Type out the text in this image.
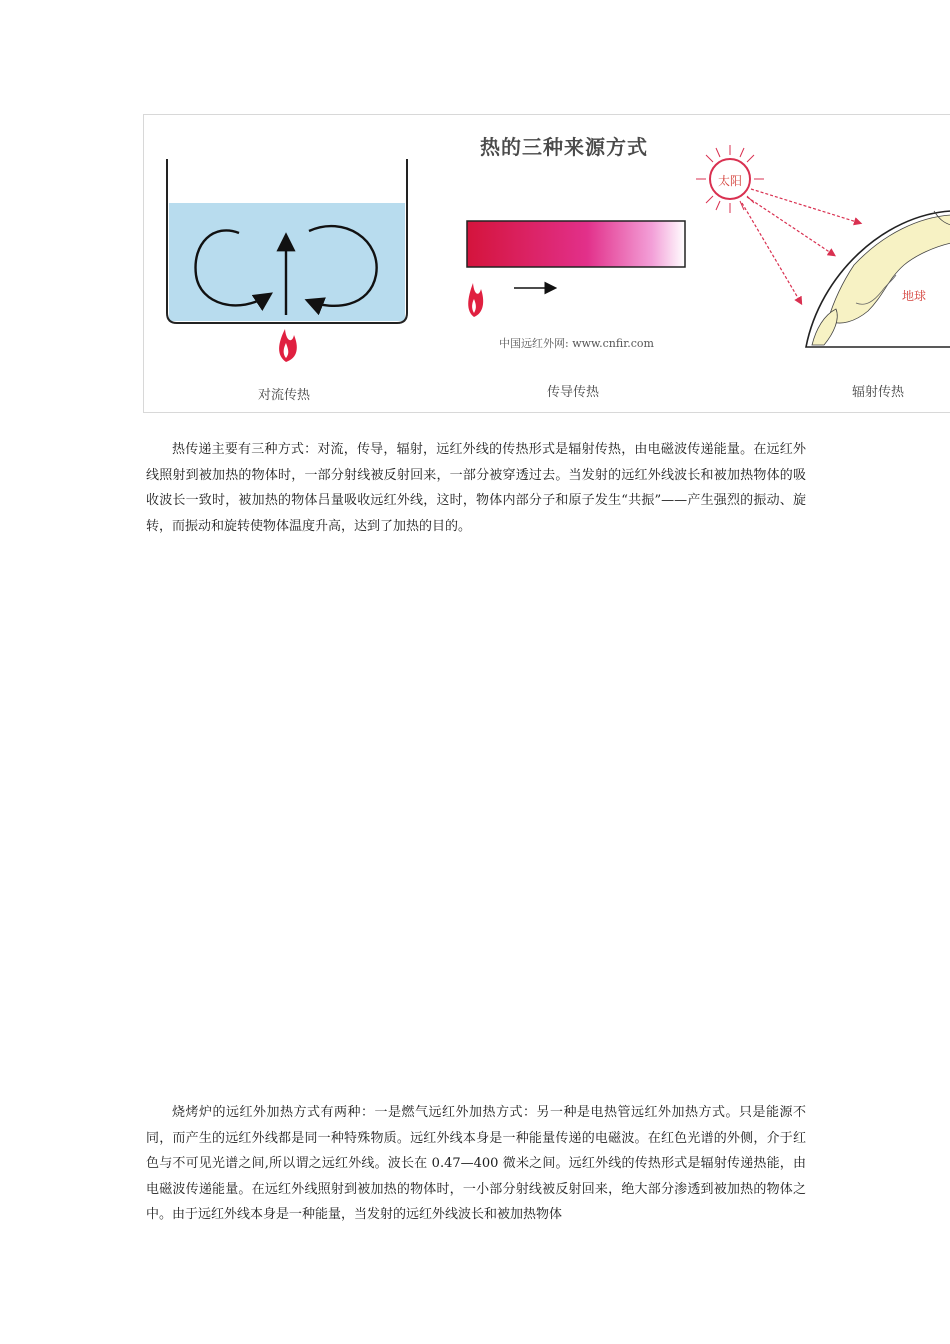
热的三种来源方式
中国远红外网: www.cnfir.com
太阳
地球
对流传热	传导传热	辐射传热

热传递主要有三种方式：对流，传导，辐射，远红外线的传热形式是辐射传热，由电磁波传递能量。在远红外线照射到被加热的物体时，一部分射线被反射回来，一部分被穿透过去。当发射的远红外线波长和被加热物体的吸收波长一致时，被加热的物体吕量吸收远红外线，这时，物体内部分子和原子发生“共振”——产生强烈的振动、旋转，而振动和旋转使物体温度升高，达到了加热的目的。

烧烤炉的远红外加热方式有两种：一是燃气远红外加热方式：另一种是电热管远红外加热方式。只是能源不同，而产生的远红外线都是同一种特殊物质。远红外线本身是一种能量传递的电磁波。在红色光谱的外侧，介于红色与不可见光谱之间,所以谓之远红外线。波长在 0.47—400 微米之间。远红外线的传热形式是辐射传递热能，由电磁波传递能量。在远红外线照射到被加热的物体时，一小部分射线被反射回来，绝大部分渗透到被加热的物体之中。由于远红外线本身是一种能量，当发射的远红外线波长和被加热物体
